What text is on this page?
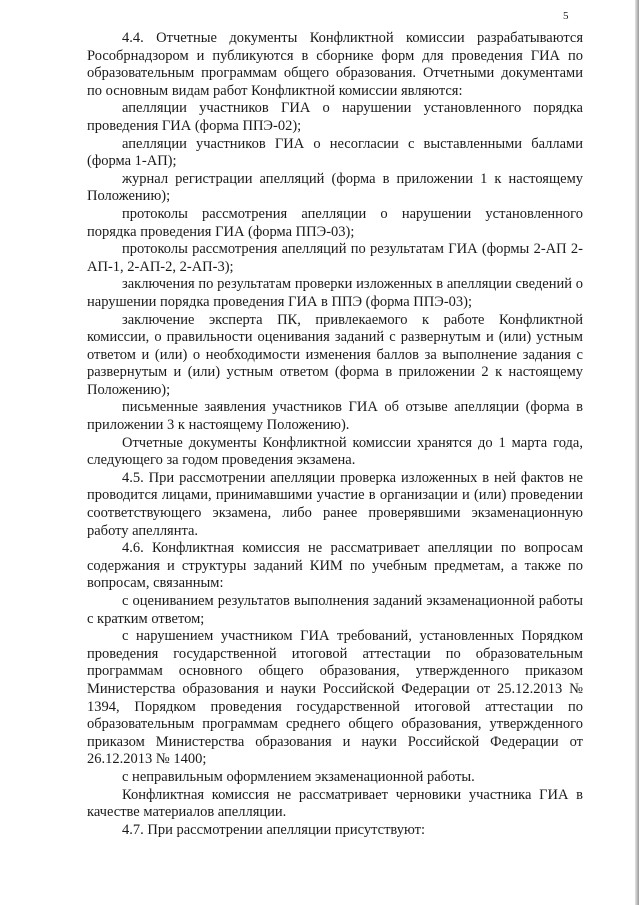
5

4.4. Отчетные документы Конфликтной комиссии разрабатываются Рособрнадзором и публикуются в сборнике форм для проведения ГИА по образовательным программам общего образования. Отчетными документами по основным видам работ Конфликтной комиссии являются:

апелляции участников ГИА о нарушении установленного порядка проведения ГИА (форма ППЭ-02);

апелляции участников ГИА о несогласии с выставленными баллами (форма 1-АП);

журнал регистрации апелляций (форма в приложении 1 к настоящему Положению);

протоколы рассмотрения апелляции о нарушении установленного порядка проведения ГИА (форма ППЭ-03);

протоколы рассмотрения апелляций по результатам ГИА (формы 2-АП 2-АП-1, 2-АП-2, 2-АП-3);

заключения по результатам проверки изложенных в апелляции сведений о нарушении порядка проведения ГИА в ППЭ (форма ППЭ-03);

заключение эксперта ПК, привлекаемого к работе Конфликтной комиссии, о правильности оценивания заданий с развернутым и (или) устным ответом и (или) о необходимости изменения баллов за выполнение задания с развернутым и (или) устным ответом (форма в приложении 2 к настоящему Положению);

письменные заявления участников ГИА об отзыве апелляции (форма в приложении 3 к настоящему Положению).

Отчетные документы Конфликтной комиссии хранятся до 1 марта года, следующего за годом проведения экзамена.

4.5. При рассмотрении апелляции проверка изложенных в ней фактов не проводится лицами, принимавшими участие в организации и (или) проведении соответствующего экзамена, либо ранее проверявшими экзаменационную работу апеллянта.

4.6. Конфликтная комиссия не рассматривает апелляции по вопросам содержания и структуры заданий КИМ по учебным предметам, а также по вопросам, связанным:

с оцениванием результатов выполнения заданий экзаменационной работы с кратким ответом;

с нарушением участником ГИА требований, установленных Порядком проведения государственной итоговой аттестации по образовательным программам основного общего образования, утвержденного приказом Министерства образования и науки Российской Федерации от 25.12.2013 № 1394, Порядком проведения государственной итоговой аттестации по образовательным программам среднего общего образования, утвержденного приказом Министерства образования и науки Российской Федерации от 26.12.2013 № 1400;

с неправильным оформлением экзаменационной работы.

Конфликтная комиссия не рассматривает черновики участника ГИА в качестве материалов апелляции.

4.7. При рассмотрении апелляции присутствуют:
